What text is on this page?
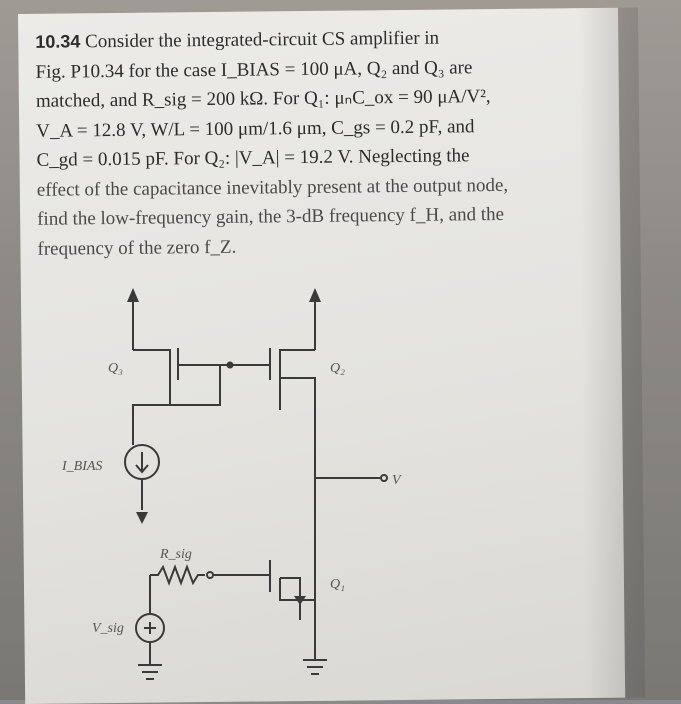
10.34 Consider the integrated-circuit CS amplifier in
Fig. P10.34 for the case I_BIAS = 100 μA, Q₂ and Q₃ are
matched, and R_sig = 200 kΩ. For Q₁: μₙC_ox = 90 μA/V²,
V_A = 12.8 V, W/L = 100 μm/1.6 μm, C_gs = 0.2 pF, and
C_gd = 0.015 pF. For Q₂: |V_A| = 19.2 V. Neglecting the
effect of the capacitance inevitably present at the output node,
find the low-frequency gain, the 3-dB frequency f_H, and the
frequency of the zero f_Z.
Q₃	Q₂
Q₁
I_BIAS
R_sig
V_sig
V
